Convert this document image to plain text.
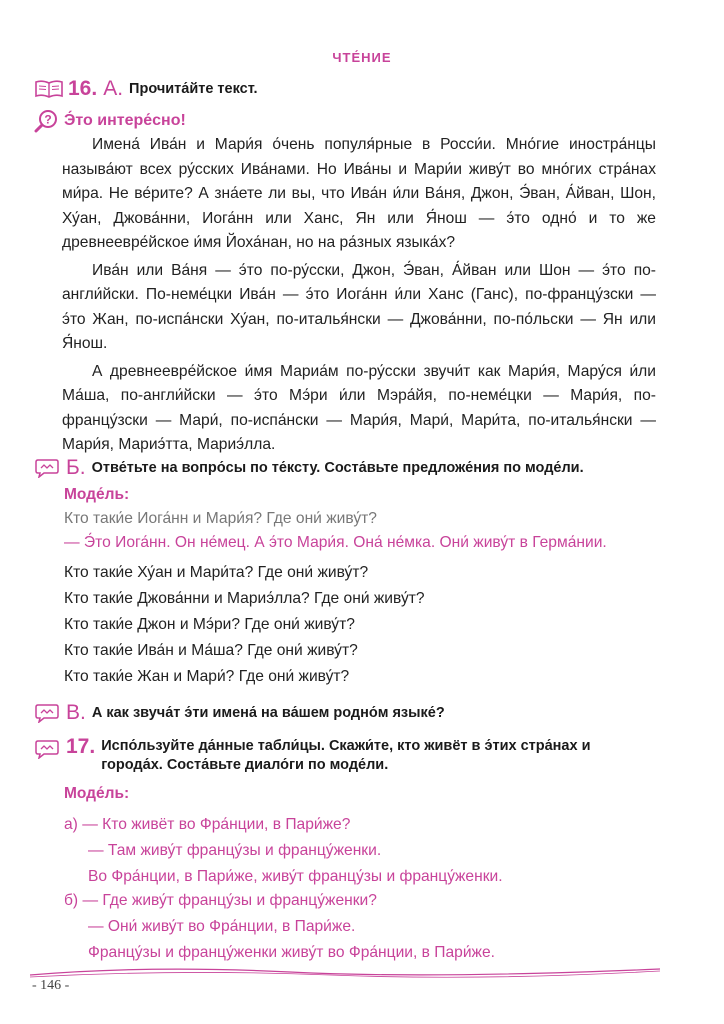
ЧТЕ́НИЕ
16. А. Прочита́йте текст.
? Э́то интере́сно!

Имена́ Ива́н и Мари́я о́чень популя́рные в Росси́и. Мно́гие иностра́нцы называ́ют всех ру́сских Ива́нами. Но Ива́ны и Мари́и живу́т во мно́гих стра́нах ми́ра. Не ве́рите? А зна́ете ли вы, что Ива́н и́ли Ва́ня, Джон, Э́ван, А́йван, Шон, Ху́ан, Джова́нни, Иога́нн или Ханс, Ян или Я́нош — э́то одно́ и то же древнеевре́йское и́мя Йоха́нан, но на ра́зных языка́х?

Ива́н или Ва́ня — э́то по-ру́сски, Джон, Э́ван, А́йван или Шон — э́то по-англи́йски. По-неме́цки Ива́н — э́то Иога́нн и́ли Ханс (Ганс), по-францу́зски — э́то Жан, по-испа́нски Ху́ан, по-италья́нски — Джова́нни, по-по́льски — Ян или Я́нош.

А древнеевре́йское и́мя Мариа́м по-ру́сски звучи́т как Мари́я, Мару́ся и́ли Ма́ша, по-англи́йски — э́то Мэ́ри и́ли Мэра́йя, по-неме́цки — Мари́я, по-францу́зски — Мари́, по-испа́нски — Мари́я, Мари́, Мари́та, по-италья́нски — Мари́я, Мариэ́тта, Мариэ́лла.

Б. Отве́тьте на вопро́сы по те́ксту. Соста́вьте предложе́ния по моде́ли.
Моде́ль:
Кто таки́е Иога́нн и Мари́я? Где они́ живу́т?
— Э́то Иога́нн. Он не́мец. А э́то Мари́я. Она́ не́мка. Они́ живу́т в Герма́нии.
Кто таки́е Ху́ан и Мари́та? Где они́ живу́т?
Кто таки́е Джова́нни и Мариэ́лла? Где они́ живу́т?
Кто таки́е Джон и Мэ́ри? Где они́ живу́т?
Кто таки́е Ива́н и Ма́ша? Где они́ живу́т?
Кто таки́е Жан и Мари́? Где они́ живу́т?
В. А как звуча́т э́ти имена́ на ва́шем родно́м языке́?
17. Испо́льзуйте да́нные табли́цы. Скажи́те, кто живёт в э́тих стра́нах и
города́х. Соста́вьте диало́ги по моде́ли.
Моде́ль:
а) — Кто живёт во Фра́нции, в Пари́же?
— Там живу́т францу́зы и францу́женки.
Во Фра́нции, в Пари́же, живу́т францу́зы и францу́женки.
б) — Где живу́т францу́зы и францу́женки?
— Они́ живу́т во Фра́нции, в Пари́же.
Францу́зы и францу́женки живу́т во Фра́нции, в Пари́же.
- 146 -
